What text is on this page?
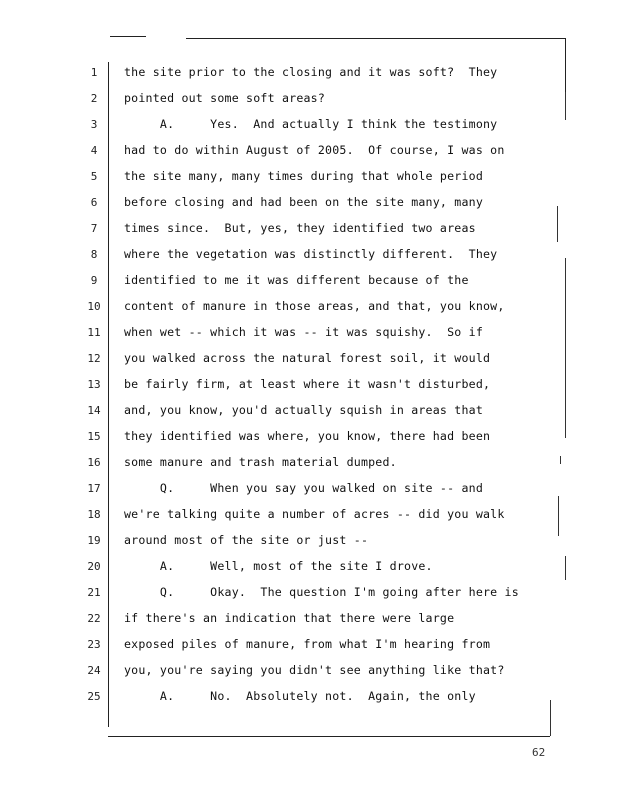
1	the site prior to the closing and it was soft?  They
2	pointed out some soft areas?
3	A.     Yes.  And actually I think the testimony
4	had to do within August of 2005.  Of course, I was on
5	the site many, many times during that whole period
6	before closing and had been on the site many, many
7	times since.  But, yes, they identified two areas
8	where the vegetation was distinctly different.  They
9	identified to me it was different because of the
10 content of manure in those areas, and that, you know,
11 when wet -- which it was -- it was squishy.  So if
12 you walked across the natural forest soil, it would
13 be fairly firm, at least where it wasn't disturbed,
14 and, you know, you'd actually squish in areas that
15 they identified was where, you know, there had been
16 some manure and trash material dumped.
17 Q.     When you say you walked on site -- and
18 we're talking quite a number of acres -- did you walk
19 around most of the site or just --
20 A.     Well, most of the site I drove.
21 Q.     Okay.  The question I'm going after here is
22 if there's an indication that there were large
23 exposed piles of manure, from what I'm hearing from
24 you, you're saying you didn't see anything like that?
25 A.     No.  Absolutely not.  Again, the only
62
